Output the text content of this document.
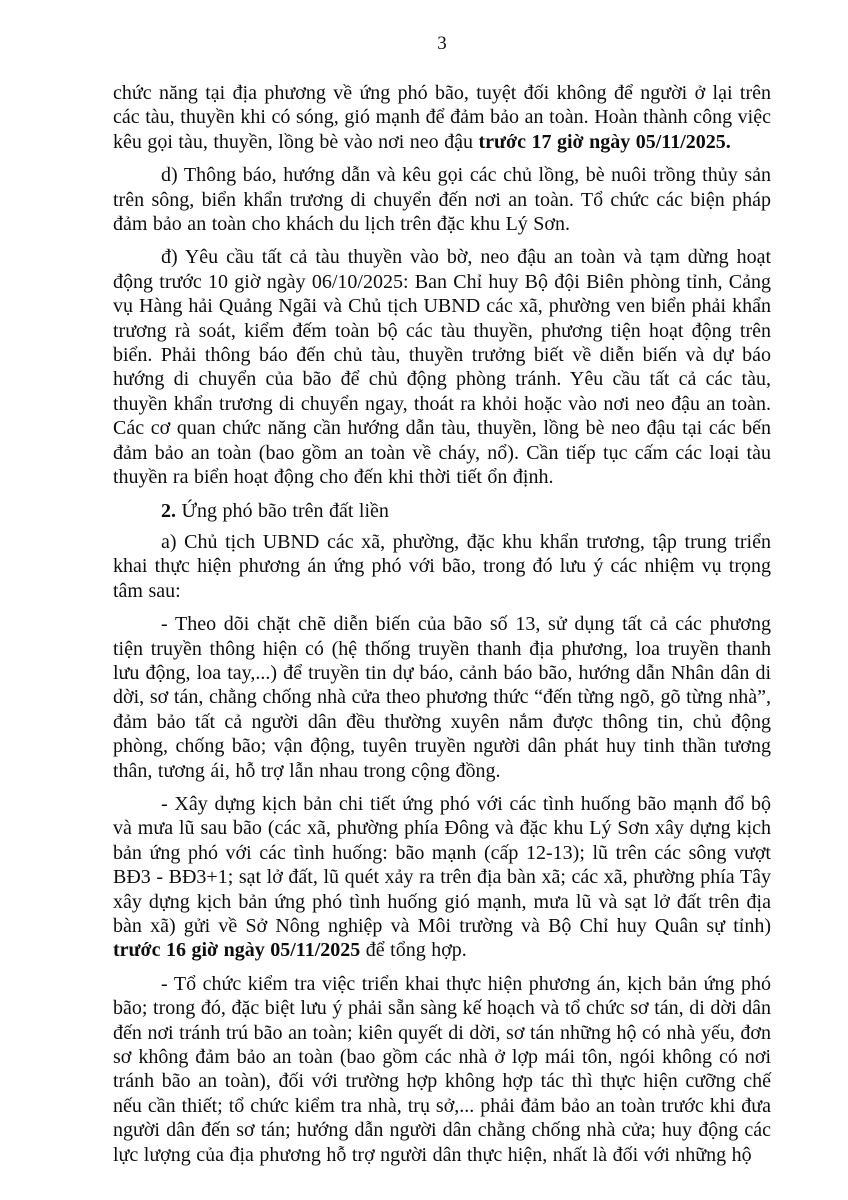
3

chức năng tại địa phương về ứng phó bão, tuyệt đối không để người ở lại trên các tàu, thuyền khi có sóng, gió mạnh để đảm bảo an toàn. Hoàn thành công việc kêu gọi tàu, thuyền, lồng bè vào nơi neo đậu trước 17 giờ ngày 05/11/2025.

d) Thông báo, hướng dẫn và kêu gọi các chủ lồng, bè nuôi trồng thủy sản trên sông, biển khẩn trương di chuyển đến nơi an toàn. Tổ chức các biện pháp đảm bảo an toàn cho khách du lịch trên đặc khu Lý Sơn.

đ) Yêu cầu tất cả tàu thuyền vào bờ, neo đậu an toàn và tạm dừng hoạt động trước 10 giờ ngày 06/10/2025: Ban Chỉ huy Bộ đội Biên phòng tỉnh, Cảng vụ Hàng hải Quảng Ngãi và Chủ tịch UBND các xã, phường ven biển phải khẩn trương rà soát, kiểm đếm toàn bộ các tàu thuyền, phương tiện hoạt động trên biển. Phải thông báo đến chủ tàu, thuyền trưởng biết về diễn biến và dự báo hướng di chuyển của bão để chủ động phòng tránh. Yêu cầu tất cả các tàu, thuyền khẩn trương di chuyển ngay, thoát ra khỏi hoặc vào nơi neo đậu an toàn. Các cơ quan chức năng cần hướng dẫn tàu, thuyền, lồng bè neo đậu tại các bến đảm bảo an toàn (bao gồm an toàn về cháy, nổ). Cần tiếp tục cấm các loại tàu thuyền ra biển hoạt động cho đến khi thời tiết ổn định.

2. Ứng phó bão trên đất liền

a) Chủ tịch UBND các xã, phường, đặc khu khẩn trương, tập trung triển khai thực hiện phương án ứng phó với bão, trong đó lưu ý các nhiệm vụ trọng tâm sau:

- Theo dõi chặt chẽ diễn biến của bão số 13, sử dụng tất cả các phương tiện truyền thông hiện có (hệ thống truyền thanh địa phương, loa truyền thanh lưu động, loa tay,...) để truyền tin dự báo, cảnh báo bão, hướng dẫn Nhân dân di dời, sơ tán, chằng chống nhà cửa theo phương thức “đến từng ngõ, gõ từng nhà”, đảm bảo tất cả người dân đều thường xuyên nắm được thông tin, chủ động phòng, chống bão; vận động, tuyên truyền người dân phát huy tinh thần tương thân, tương ái, hỗ trợ lẫn nhau trong cộng đồng.

- Xây dựng kịch bản chi tiết ứng phó với các tình huống bão mạnh đổ bộ và mưa lũ sau bão (các xã, phường phía Đông và đặc khu Lý Sơn xây dựng kịch bản ứng phó với các tình huống: bão mạnh (cấp 12-13); lũ trên các sông vượt BĐ3 - BĐ3+1; sạt lở đất, lũ quét xảy ra trên địa bàn xã; các xã, phường phía Tây xây dựng kịch bản ứng phó tình huống gió mạnh, mưa lũ và sạt lở đất trên địa bàn xã) gửi về Sở Nông nghiệp và Môi trường và Bộ Chỉ huy Quân sự tỉnh) trước 16 giờ ngày 05/11/2025 để tổng hợp.

- Tổ chức kiểm tra việc triển khai thực hiện phương án, kịch bản ứng phó bão; trong đó, đặc biệt lưu ý phải sẵn sàng kế hoạch và tổ chức sơ tán, di dời dân đến nơi tránh trú bão an toàn; kiên quyết di dời, sơ tán những hộ có nhà yếu, đơn sơ không đảm bảo an toàn (bao gồm các nhà ở lợp mái tôn, ngói không có nơi tránh bão an toàn), đối với trường hợp không hợp tác thì thực hiện cưỡng chế nếu cần thiết; tổ chức kiểm tra nhà, trụ sở,... phải đảm bảo an toàn trước khi đưa người dân đến sơ tán; hướng dẫn người dân chằng chống nhà cửa; huy động các lực lượng của địa phương hỗ trợ người dân thực hiện, nhất là đối với những hộ
